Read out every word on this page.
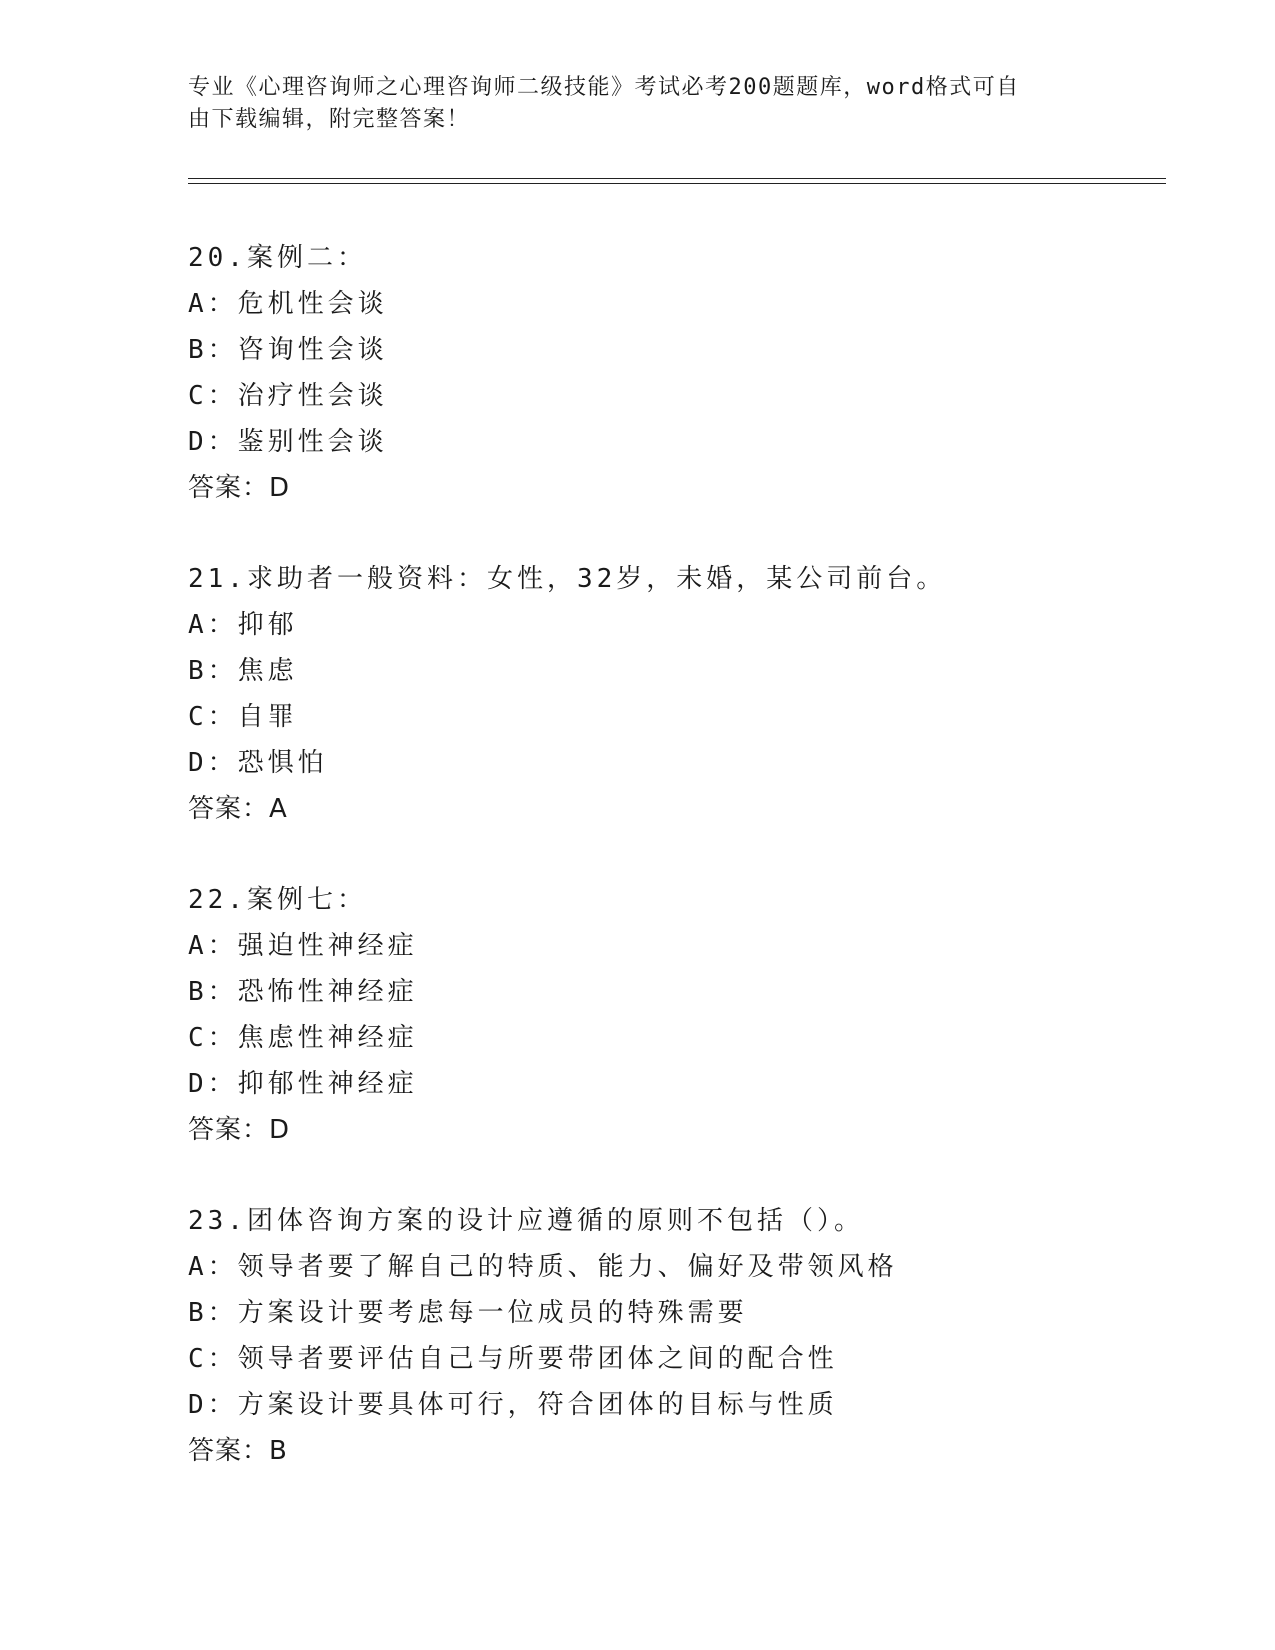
专业《心理咨询师之心理咨询师二级技能》考试必考200题题库，word格式可自
由下载编辑，附完整答案！
20.案例二：
A：危机性会谈
B：咨询性会谈
C：治疗性会谈
D：鉴别性会谈
答案：D
21.求助者一般资料：女性，32岁，未婚，某公司前台。
A：抑郁
B：焦虑
C：自罪
D：恐惧怕
答案：A
22.案例七：
A：强迫性神经症
B：恐怖性神经症
C：焦虑性神经症
D：抑郁性神经症
答案：D
23.团体咨询方案的设计应遵循的原则不包括（）。
A：领导者要了解自己的特质、能力、偏好及带领风格
B：方案设计要考虑每一位成员的特殊需要
C：领导者要评估自己与所要带团体之间的配合性
D：方案设计要具体可行，符合团体的目标与性质
答案：B
